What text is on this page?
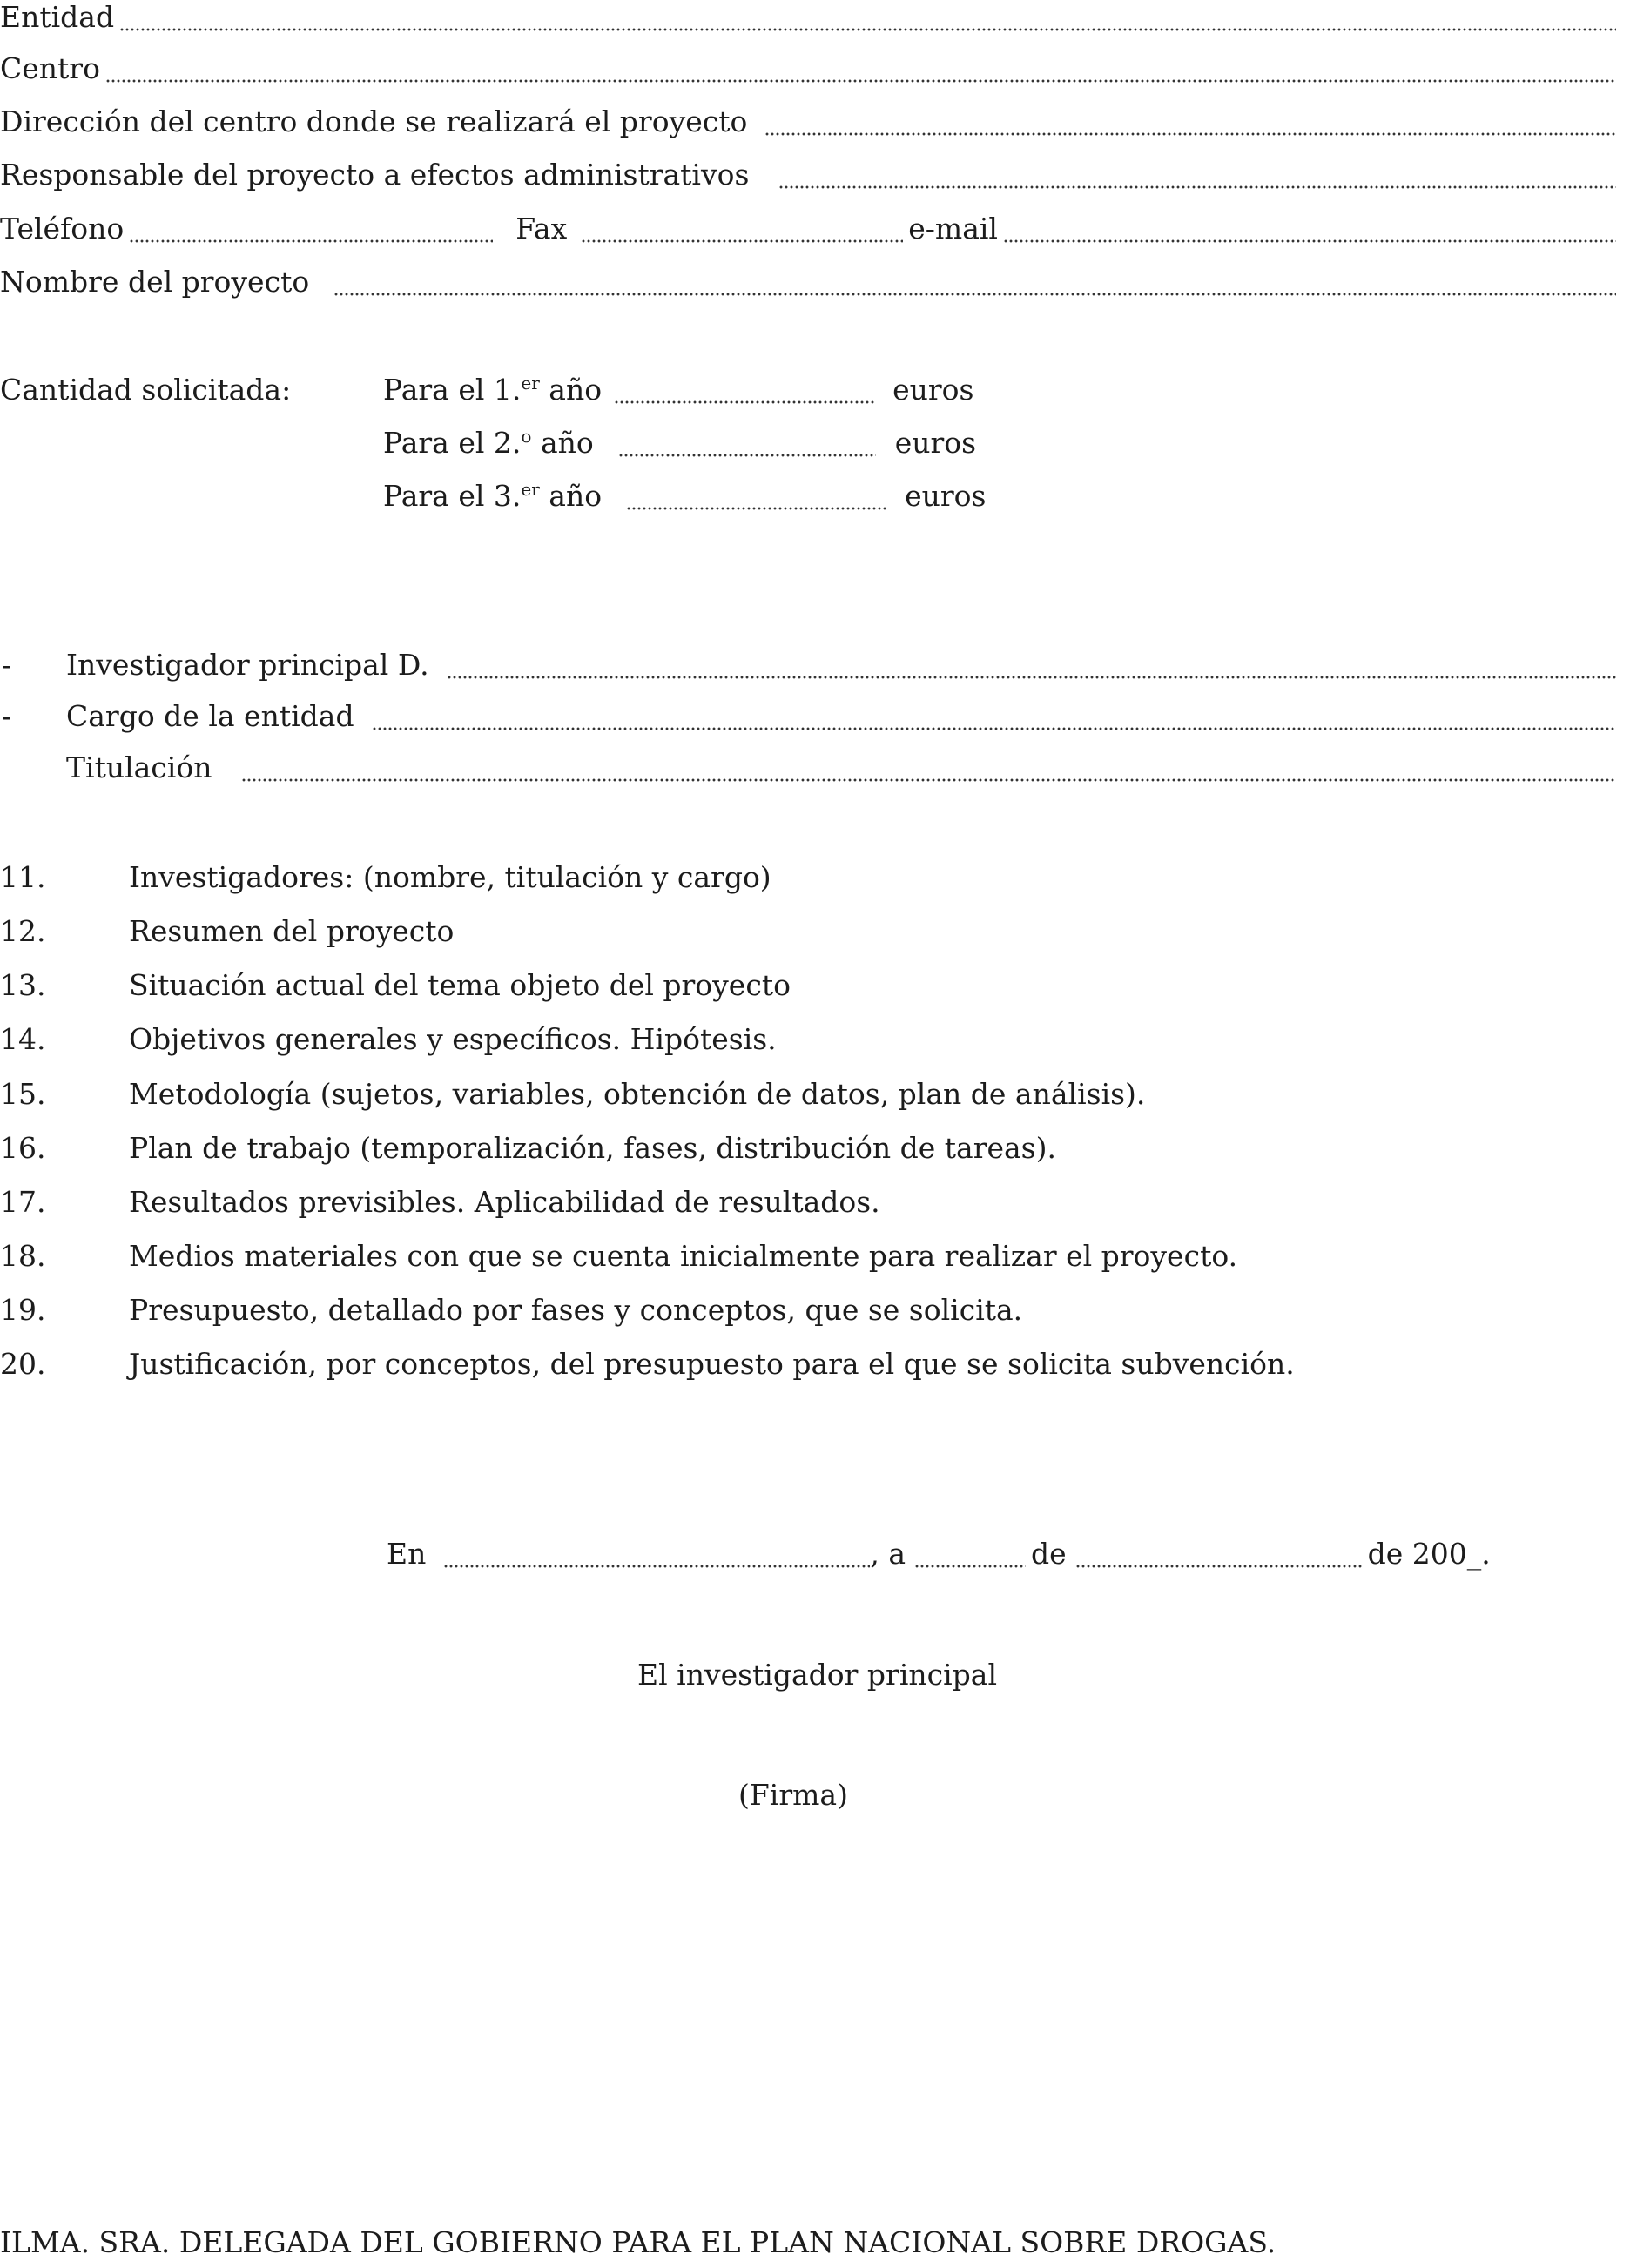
Entidad
Centro
Dirección del centro donde se realizará el proyecto
Responsable del proyecto a efectos administrativos
Teléfono	Fax	e-mail
Nombre del proyecto
Cantidad solicitada:	Para el 1.$^{er}$ año	euros
Para el 2.$^o$ año	euros
Para el 3.$^{er}$ año	euros
- Investigador principal D.
- Cargo de la entidad
Titulación
11.	Investigadores: (nombre, titulación y cargo)
12.	Resumen del proyecto
13.	Situación actual del tema objeto del proyecto
14.	Objetivos generales y específicos. Hipótesis.
15.	Metodología (sujetos, variables, obtención de datos, plan de análisis).
16.	Plan de trabajo (temporalización, fases, distribución de tareas).
17.	Resultados previsibles. Aplicabilidad de resultados.
18.	Medios materiales con que se cuenta inicialmente para realizar el proyecto.
19.	Presupuesto, detallado por fases y conceptos, que se solicita.
20.	Justificación, por conceptos, del presupuesto para el que se solicita subvención.
En	, a	de	de 200_.
El investigador principal
(Firma)
ILMA. SRA. DELEGADA DEL GOBIERNO PARA EL PLAN NACIONAL SOBRE DROGAS.
